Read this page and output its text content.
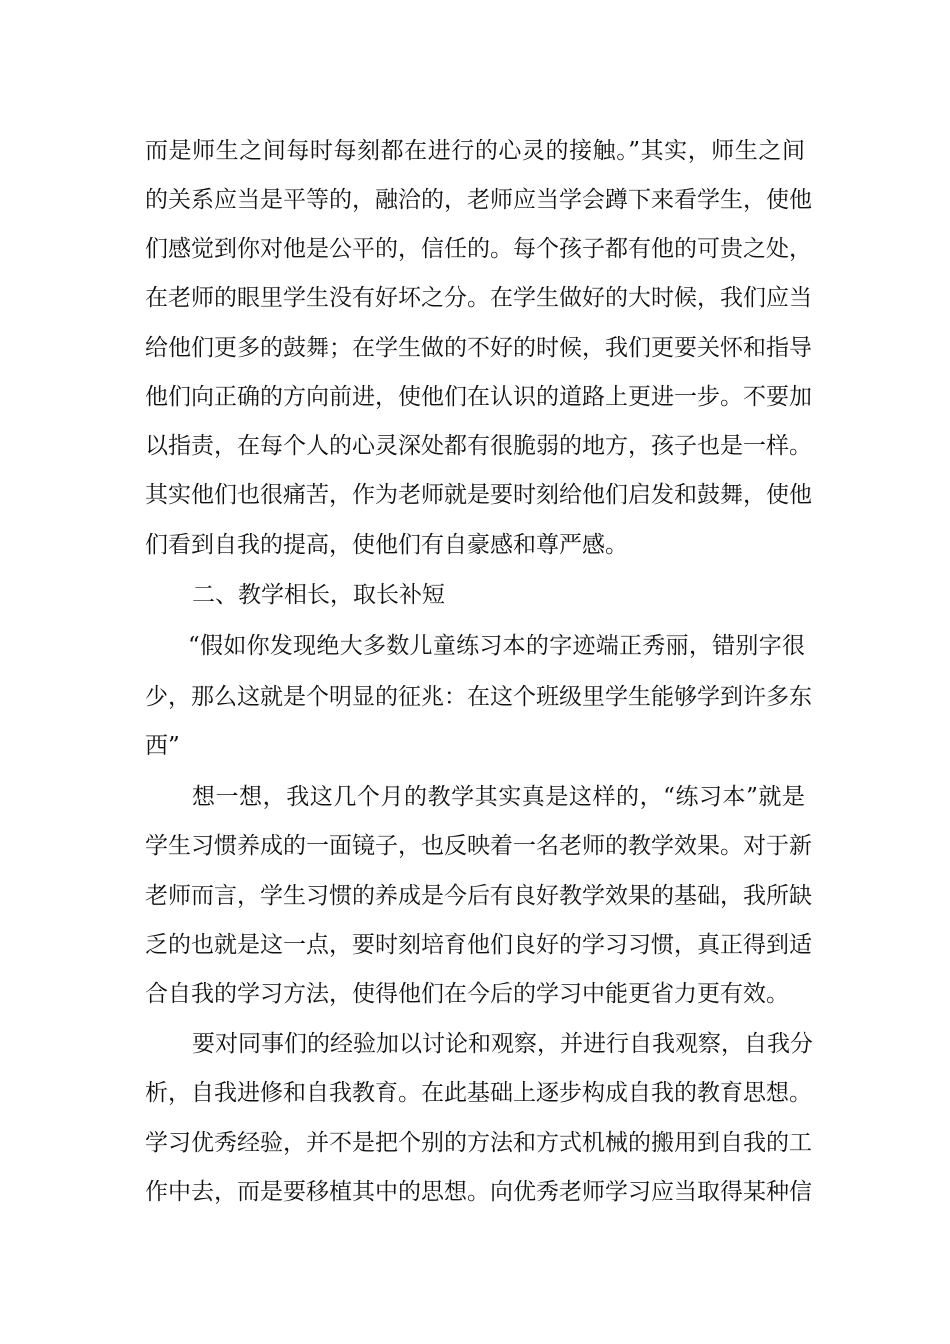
而是师生之间每时每刻都在进行的心灵的接触。”其实，师生之间
的关系应当是平等的，融洽的，老师应当学会蹲下来看学生，使他
们感觉到你对他是公平的，信任的。每个孩子都有他的可贵之处，
在老师的眼里学生没有好坏之分。在学生做好的大时候，我们应当
给他们更多的鼓舞；在学生做的不好的时候，我们更要关怀和指导
他们向正确的方向前进，使他们在认识的道路上更进一步。不要加
以指责，在每个人的心灵深处都有很脆弱的地方，孩子也是一样。
其实他们也很痛苦，作为老师就是要时刻给他们启发和鼓舞，使他
们看到自我的提高，使他们有自豪感和尊严感。
二、教学相长，取长补短
“假如你发现绝大多数儿童练习本的字迹端正秀丽，错别字很
少，那么这就是个明显的征兆：在这个班级里学生能够学到许多东
西”
想一想，我这几个月的教学其实真是这样的，“练习本”就是
学生习惯养成的一面镜子，也反映着一名老师的教学效果。对于新
老师而言，学生习惯的养成是今后有良好教学效果的基础，我所缺
乏的也就是这一点，要时刻培育他们良好的学习习惯，真正得到适
合自我的学习方法，使得他们在今后的学习中能更省力更有效。
要对同事们的经验加以讨论和观察，并进行自我观察，自我分
析，自我进修和自我教育。在此基础上逐步构成自我的教育思想。
学习优秀经验，并不是把个别的方法和方式机械的搬用到自我的工
作中去，而是要移植其中的思想。向优秀老师学习应当取得某种信
